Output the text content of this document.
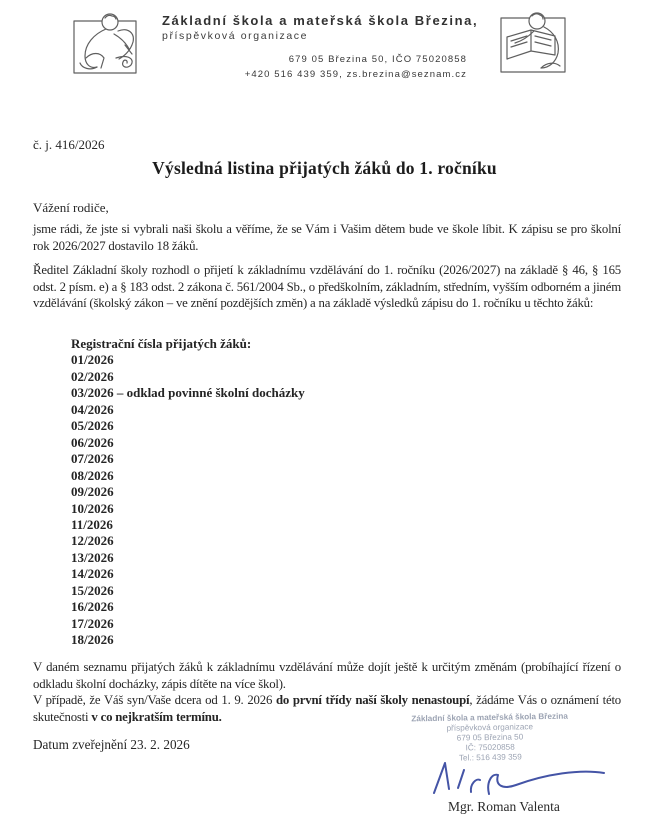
Základní škola a mateřská škola Březina,
příspěvková organizace
679 05 Březina 50, IČO 75020858
+420 516 439 359, zs.brezina@seznam.cz
č. j. 416/2026
Výsledná listina přijatých žáků do 1. ročníku
Vážení rodiče,
jsme rádi, že jste si vybrali naši školu a věříme, že se Vám i Vašim dětem bude ve škole líbit. K zápisu se pro školní rok 2026/2027 dostavilo 18 žáků.
Ředitel Základní školy rozhodl o přijetí k základnímu vzdělávání do 1. ročníku (2026/2027) na základě § 46, § 165 odst. 2 písm. e) a § 183 odst. 2 zákona č. 561/2004 Sb., o předškolním, základním, středním, vyšším odborném a jiném vzdělávání (školský zákon – ve znění pozdějších změn) a na základě výsledků zápisu do 1. ročníku u těchto žáků:
Registrační čísla přijatých žáků:
01/2026
02/2026
03/2026 – odklad povinné školní docházky
04/2026
05/2026
06/2026
07/2026
08/2026
09/2026
10/2026
11/2026
12/2026
13/2026
14/2026
15/2026
16/2026
17/2026
18/2026

V daném seznamu přijatých žáků k základnímu vzdělávání může dojít ještě k určitým změnám (probíhající řízení o odkladu školní docházky, zápis dítěte na více škol).

V případě, že Váš syn/Vaše dcera od 1. 9. 2026 do první třídy naší školy nenastoupí, žádáme Vás o oznámení této skutečnosti v co nejkratším termínu.

Datum zveřejnění 23. 2. 2026
Základní škola a mateřská škola Březina
příspěvková organizace
679 05 Březina 50
IČ: 75020858
Tel.: 516 439 359
Mgr. Roman Valenta
